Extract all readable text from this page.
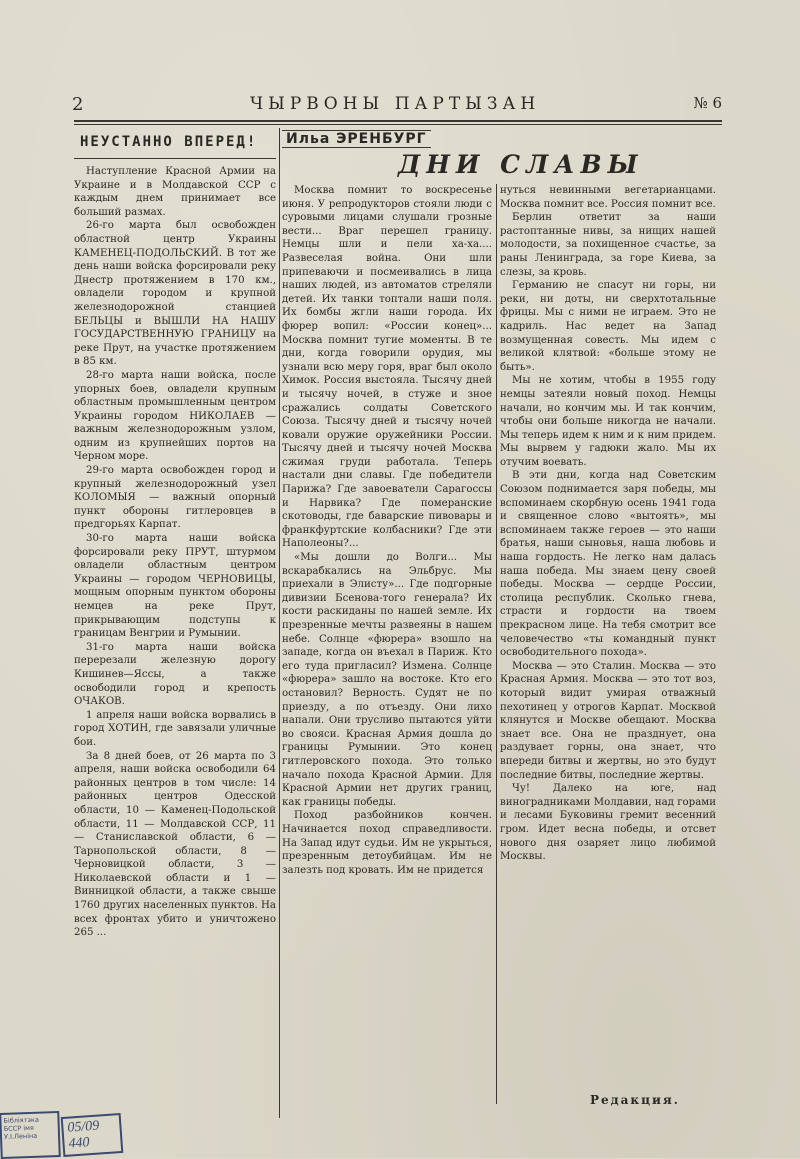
2	ЧЫРВОНЫ ПАРТЫЗАН	№ 6
НЕУСТАННО ВПЕРЕД!

Наступление Красной Армии на Украине и в Молдавской ССР с каждым днем принимает все больший размах.

26-го марта был освобожден областной центр Украины КАМЕНЕЦ-ПОДОЛЬСКИЙ. В тот же день наши войска форсировали реку Днестр протяжением в 170 км., овладели городом и крупной железнодорожной станцией БЕЛЬЦЫ и ВЫШЛИ НА НАШУ ГОСУДАРСТВЕННУЮ ГРАНИЦУ на реке Прут, на участке протяжением в 85 км.

28-го марта наши войска, после упорных боев, овладели крупным областным промышленным центром Украины городом НИКОЛАЕВ — важным железнодорожным узлом, одним из крупнейших портов на Черном море.

29-го марта освобожден город и крупный железнодорожный узел КОЛОМЫЯ — важный опорный пункт обороны гитлеровцев в предгорьях Карпат.

30-го марта наши войска форсировали реку ПРУТ, штурмом овладели областным центром Украины — городом ЧЕРНОВИЦЫ, мощным опорным пунктом обороны немцев на реке Прут, прикрывающим подступы к границам Венгрии и Румынии.

31-го марта наши войска перерезали железную дорогу Кишинев—Яссы, а также освободили город и крепость ОЧАКОВ.

1 апреля наши войска ворвались в город ХОТИН, где завязали уличные бои.

За 8 дней боев, от 26 марта по 3 апреля, наши войска освободили 64 районных центров в том числе: 14 районных центров Одесской области, 10 — Каменец-Подольской области, 11 — Молдавской ССР, 11 — Станиславской области, 6 — Тарнопольской области, 8 — Черновицкой области, 3 — Николаевской области и 1 — Винницкой области, а также свыше 1760 других населенных пунктов. На всех фронтах убито и уничтожено 265 ...

Ильа ЭРЕНБУРГ
ДНИ СЛАВЫ

Москва помнит то воскресенье июня. У репродукторов стояли люди с суровыми лицами слушали грозные вести... Враг перешел границу. Немцы шли и пели ха-ха.... Развеселая война. Они шли припеваючи и посмеивались в лица наших людей, из автоматов стреляли детей. Их танки топтали наши поля. Их бомбы жгли наши города. Их фюрер вопил: «России конец»... Москва помнит тугие моменты. В те дни, когда говорили орудия, мы узнали всю меру горя, враг был около Химок. Россия выстояла. Тысячу дней и тысячу ночей, в стуже и зное сражались солдаты Советского Союза. Тысячу дней и тысячу ночей ковали оружие оружейники России. Тысячу дней и тысячу ночей Москва сжимая груди работала. Теперь настали дни славы. Где победители Парижа? Где завоеватели Сарагоссы и Нарвика? Где померанские скотоводы, где баварские пивовары и франкфуртские колбасники? Где эти Наполеоны?...

«Мы дошли до Волги... Мы вскарабкались на Эльбрус. Мы приехали в Элисту»... Где подгорные дивизии Бсенова-того генерала? Их кости раскиданы по нашей земле. Их презренные мечты развеяны в нашем небе. Солнце «фюрера» взошло на западе, когда он въехал в Париж. Кто его туда пригласил? Измена. Солнце «фюрера» зашло на востоке. Кто его остановил? Верность. Судят не по приезду, а по отъезду. Они лихо напали. Они трусливо пытаются уйти во свояси. Красная Армия дошла до границы Румынии. Это конец гитлеровского похода. Это только начало похода Красной Армии. Для Красной Армии нет других границ, как границы победы.

Поход разбойников кончен. Начинается поход справедливости. На Запад идут судьи. Им не укрыться, презренным детоубийцам. Им не залезть под кровать. Им не придется

нуться невинными вегетарианцами. Москва помнит все. Россия помнит все.

Берлин ответит за наши растоптанные нивы, за нищих нашей молодости, за похищенное счастье, за раны Ленинграда, за горе Киева, за слезы, за кровь.

Германию не спасут ни горы, ни реки, ни доты, ни сверхтотальные фрицы. Мы с ними не играем. Это не кадриль. Нас ведет на Запад возмущенная совесть. Мы идем с великой клятвой: «больше этому не быть».

Мы не хотим, чтобы в 1955 году немцы затеяли новый поход. Немцы начали, но кончим мы. И так кончим, чтобы они больше никогда не начали. Мы теперь идем к ним и к ним придем. Мы вырвем у гадюки жало. Мы их отучим воевать.

В эти дни, когда над Советским Союзом поднимается заря победы, мы вспоминаем скорбную осень 1941 года и священное слово «вытоять», мы вспоминаем также героев — это наши братья, наши сыновья, наша любовь и наша гордость. Не легко нам далась наша победа. Мы знаем цену своей победы. Москва — сердце России, столица республик. Сколько гнева, страсти и гордости на твоем прекрасном лице. На тебя смотрит все человечество «ты командный пункт освободительного похода».

Москва — это Сталин. Москва — это Красная Армия. Москва — это тот воз, который видит умирая отважный пехотинец у отрогов Карпат. Москвой клянутся и Москве обещают. Москва знает все. Она не празднует, она раздувает горны, она знает, что впереди битвы и жертвы, но это будут последние битвы, последние жертвы.

Чу! Далеко на юге, над виноградниками Молдавии, над горами и лесами Буковины гремит весенний гром. Идет весна победы, и отсвет нового дня озаряет лицо любимой Москвы.

Редакция.
Бібліятэка БССР імя У.І.Леніна
05/09 440
